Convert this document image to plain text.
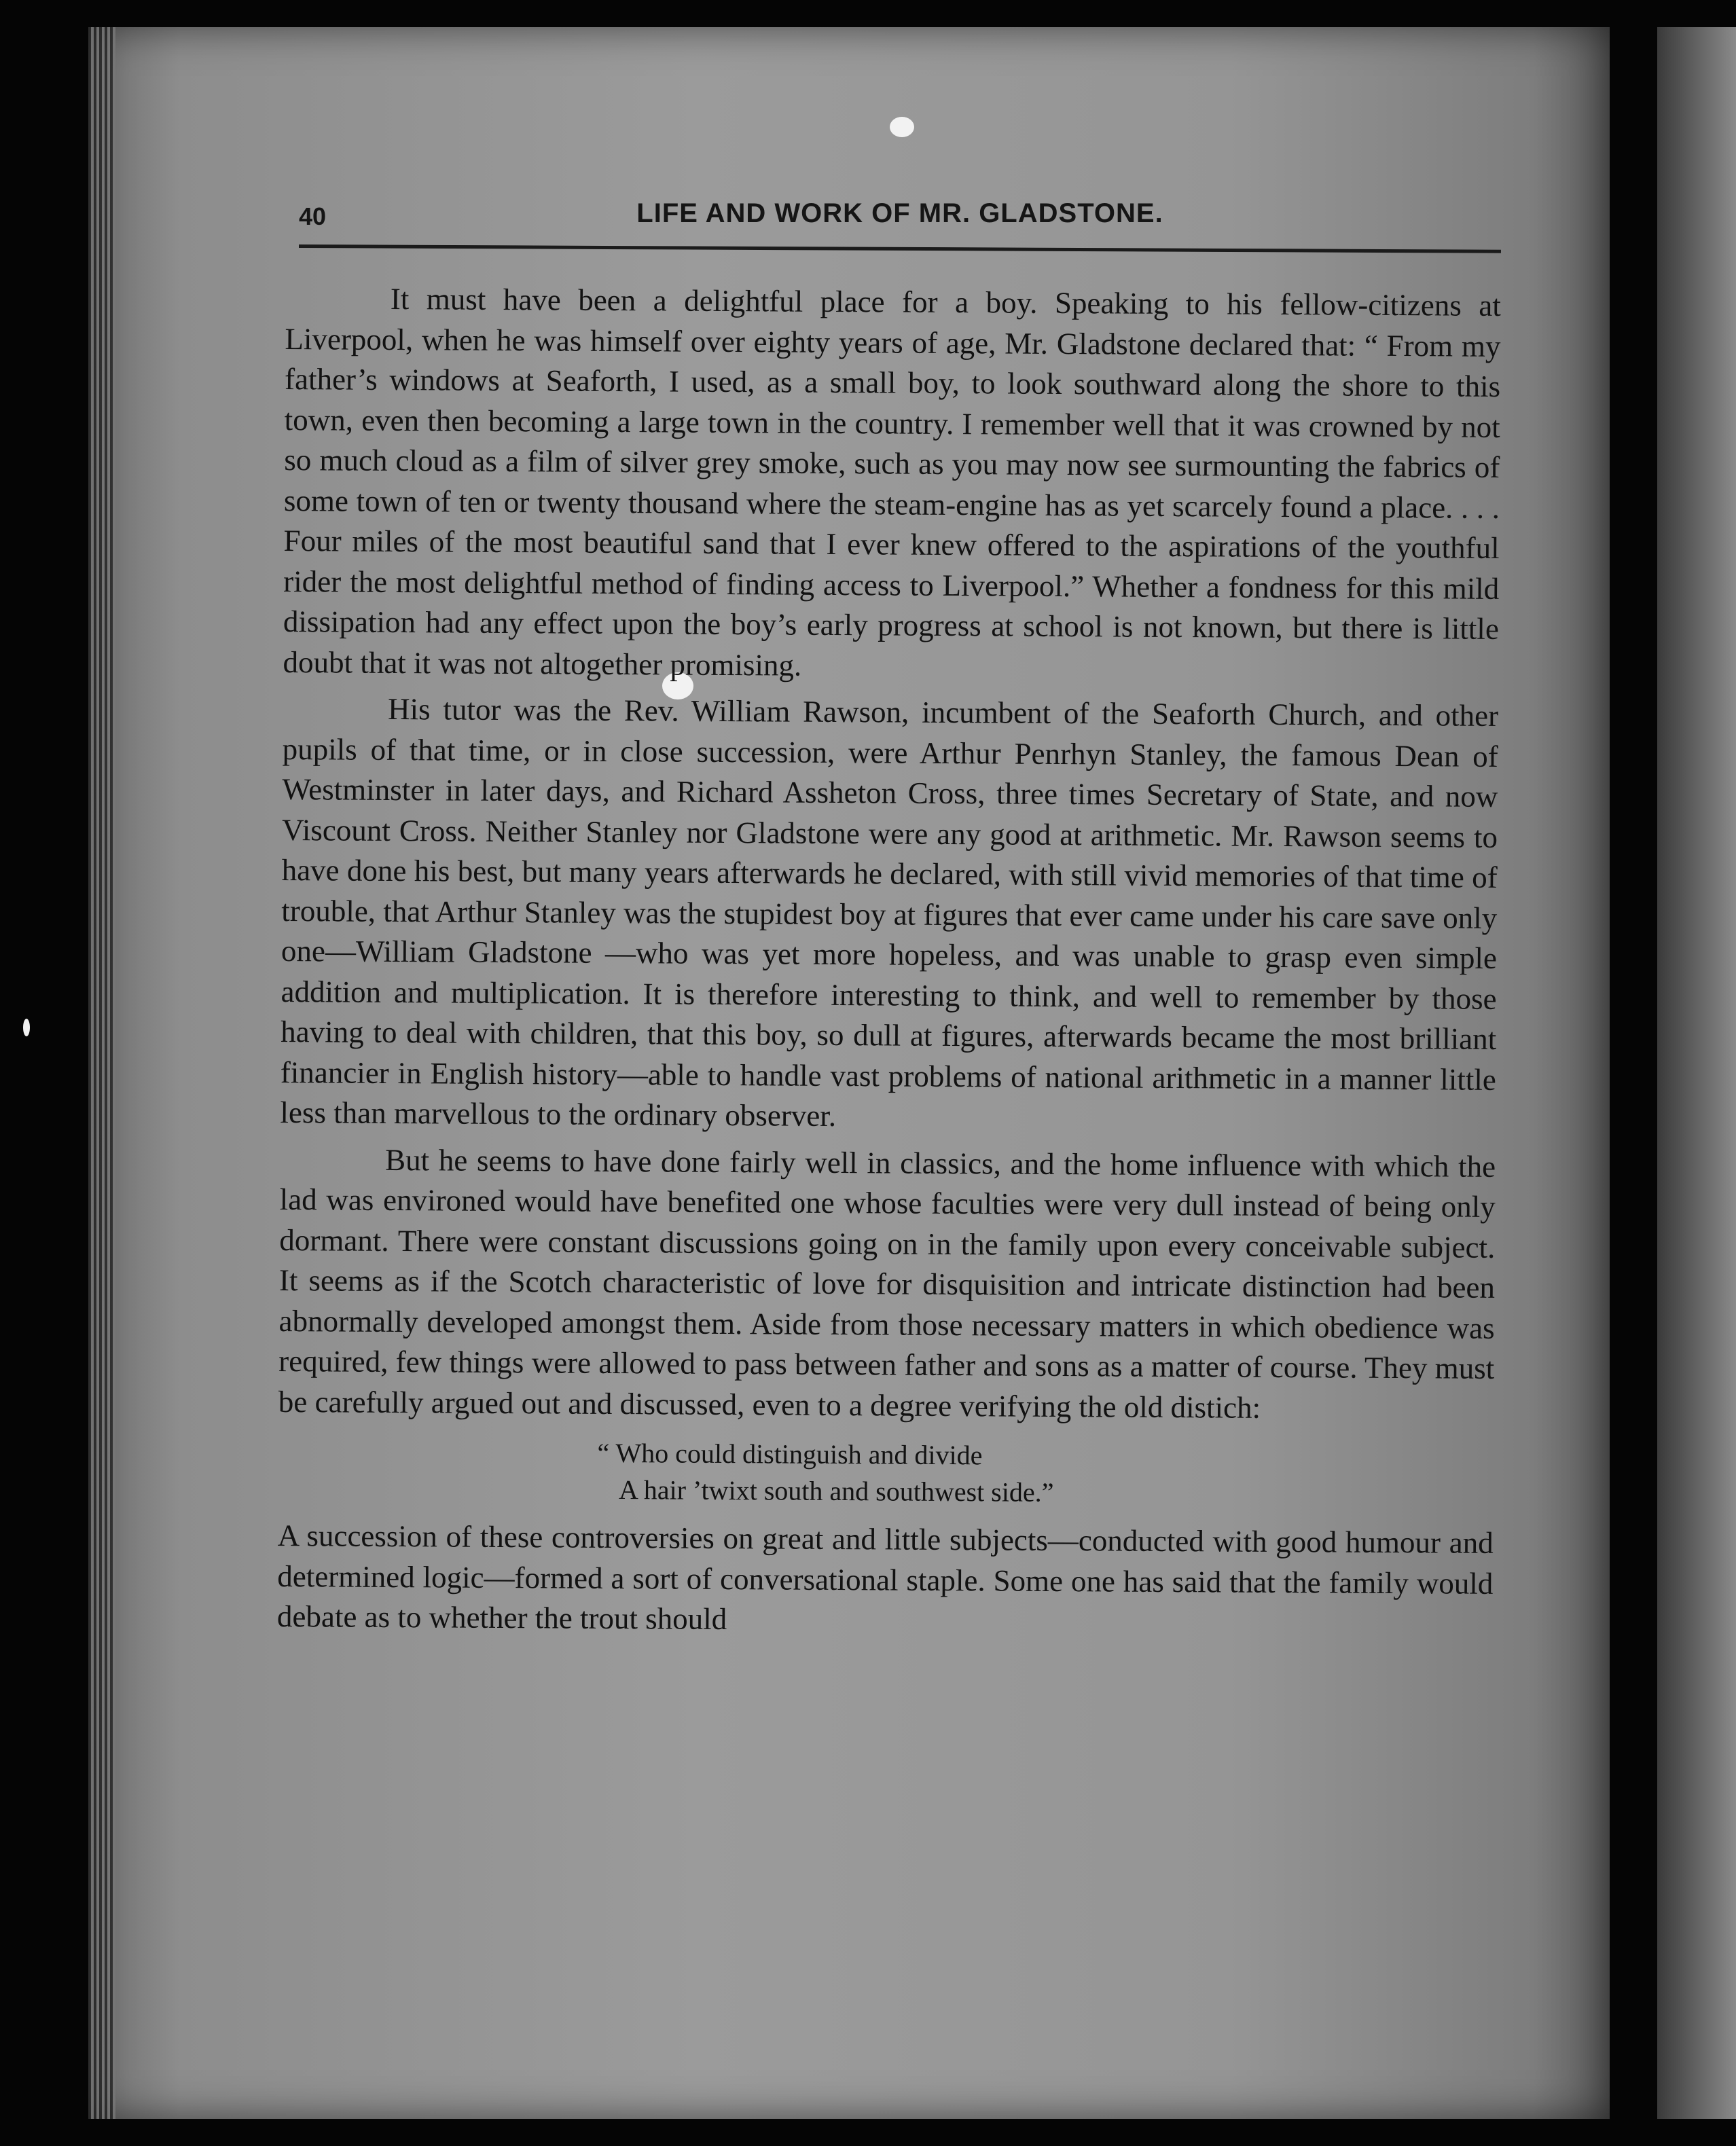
40	LIFE AND WORK OF MR. GLADSTONE.

It must have been a delightful place for a boy. Speaking to his fellow-citizens at Liverpool, when he was himself over eighty years of age, Mr. Gladstone declared that: “ From my father’s windows at Seaforth, I used, as a small boy, to look southward along the shore to this town, even then becoming a large town in the country. I remember well that it was crowned by not so much cloud as a film of silver grey smoke, such as you may now see surmounting the fabrics of some town of ten or twenty thousand where the steam-engine has as yet scarcely found a place. . . . Four miles of the most beautiful sand that I ever knew offered to the aspirations of the youthful rider the most delightful method of finding access to Liverpool.” Whether a fondness for this mild dissipation had any effect upon the boy’s early progress at school is not known, but there is little doubt that it was not altogether promising.

His tutor was the Rev. William Rawson, incumbent of the Seaforth Church, and other pupils of that time, or in close succession, were Arthur Penrhyn Stanley, the famous Dean of Westminster in later days, and Richard Assheton Cross, three times Secretary of State, and now Viscount Cross. Neither Stanley nor Gladstone were any good at arithmetic. Mr. Rawson seems to have done his best, but many years afterwards he declared, with still vivid memories of that time of trouble, that Arthur Stanley was the stupidest boy at figures that ever came under his care save only one—William Gladstone —who was yet more hopeless, and was unable to grasp even simple addition and multiplication. It is therefore interesting to think, and well to remember by those having to deal with children, that this boy, so dull at figures, afterwards became the most brilliant financier in English history—able to handle vast problems of national arithmetic in a manner little less than marvellous to the ordinary observer.

But he seems to have done fairly well in classics, and the home influence with which the lad was environed would have benefited one whose faculties were very dull instead of being only dormant. There were constant discussions going on in the family upon every conceivable subject. It seems as if the Scotch characteristic of love for disquisition and intricate distinction had been abnormally developed amongst them. Aside from those necessary matters in which obedience was required, few things were allowed to pass between father and sons as a matter of course. They must be carefully argued out and discussed, even to a degree verifying the old distich:

“ Who could distinguish and divide
A hair ’twixt south and southwest side.”

A succession of these controversies on great and little subjects—conducted with good humour and determined logic—formed a sort of conversational staple. Some one has said that the family would debate as to whether the trout should
